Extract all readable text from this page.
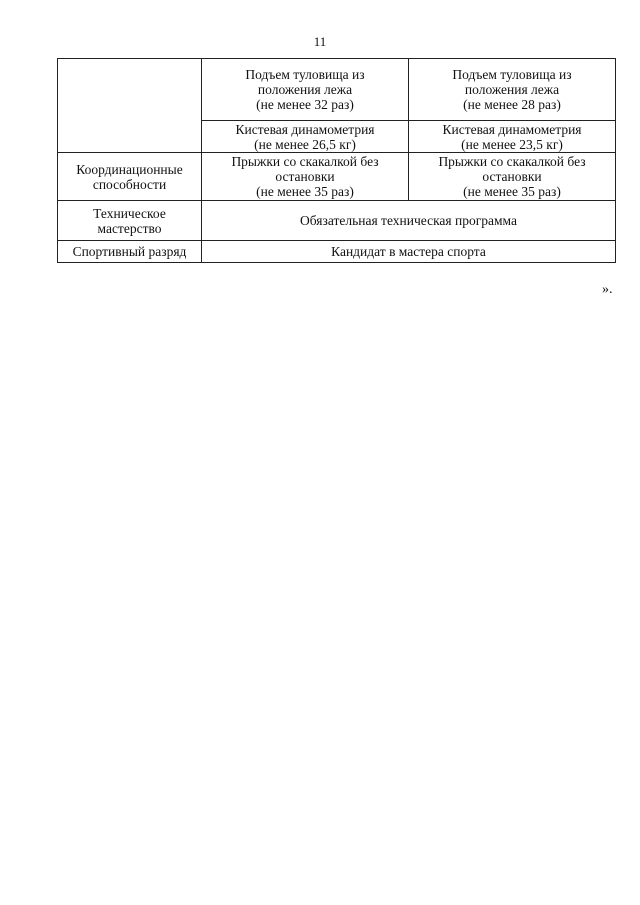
11

	Подъем туловища из
положения лежа
(не менее 32 раз)	Подъем туловища из
положения лежа
(не менее 28 раз)

	Кистевая динамометрия
(не менее 26,5 кг)	Кистевая динамометрия
(не менее 23,5 кг)

Координационные
способности	Прыжки со скакалкой без
остановки
(не менее 35 раз)	Прыжки со скакалкой без
остановки
(не менее 35 раз)

Техническое
мастерство	Обязательная техническая программа	
Спортивный разряд	Кандидат в мастера спорта	
».
